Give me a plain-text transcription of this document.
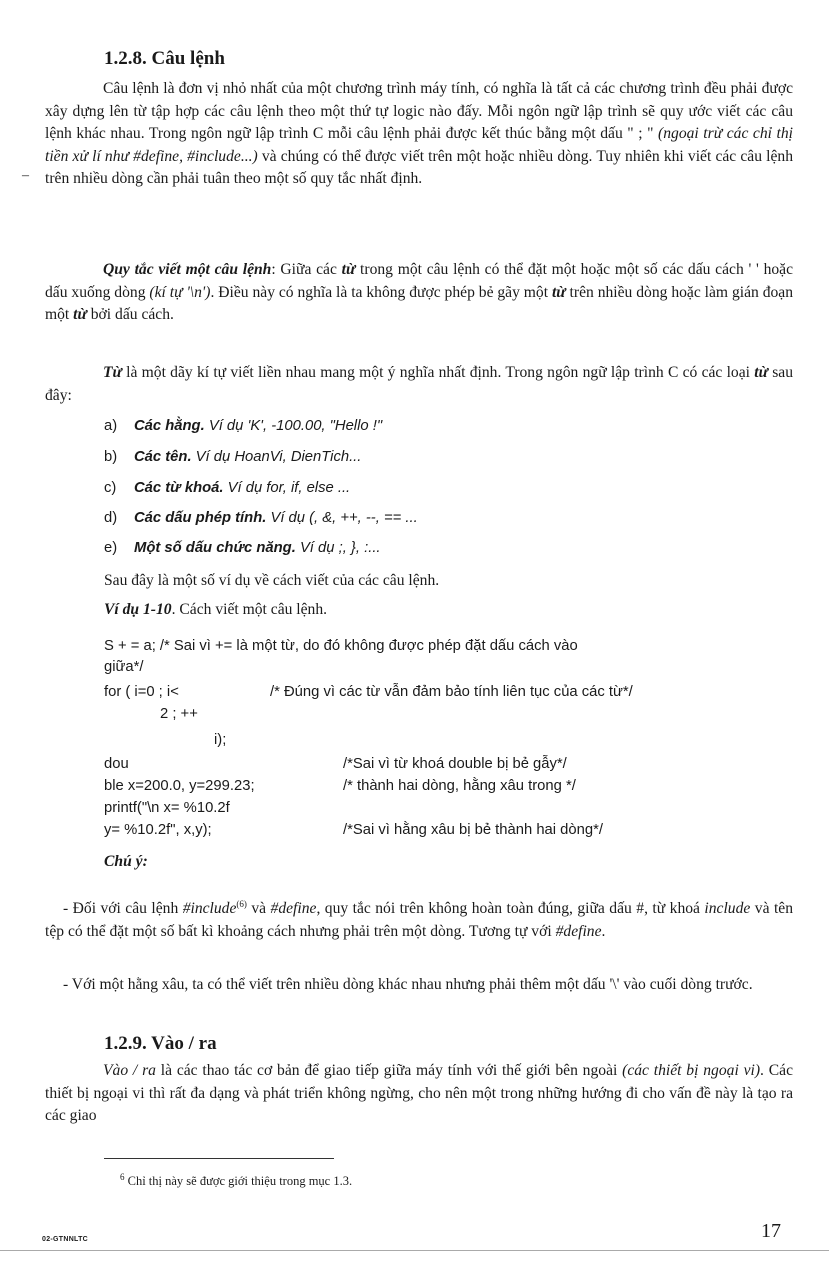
1.2.8. Câu lệnh
Câu lệnh là đơn vị nhỏ nhất của một chương trình máy tính, có nghĩa là tất cả các chương trình đều phải được xây dựng lên từ tập hợp các câu lệnh theo một thứ tự logic nào đấy. Mỗi ngôn ngữ lập trình sẽ quy ước viết các câu lệnh khác nhau. Trong ngôn ngữ lập trình C mỗi câu lệnh phải được kết thúc bằng một dấu " ; " (ngoại trừ các chỉ thị tiền xử lí như #define, #include...) và chúng có thể được viết trên một hoặc nhiều dòng. Tuy nhiên khi viết các câu lệnh trên nhiều dòng cần phải tuân theo một số quy tắc nhất định.
–
Quy tắc viết một câu lệnh: Giữa các từ trong một câu lệnh có thể đặt một hoặc một số các dấu cách ' ' hoặc dấu xuống dòng (kí tự '\n'). Điều này có nghĩa là ta không được phép bẻ gãy một từ trên nhiều dòng hoặc làm gián đoạn một từ bởi dấu cách.
Từ là một dãy kí tự viết liền nhau mang một ý nghĩa nhất định. Trong ngôn ngữ lập trình C có các loại từ sau đây:
a) Các hằng. Ví dụ 'K', -100.00, "Hello !"
b) Các tên. Ví dụ HoanVi, DienTich...
c) Các từ khoá. Ví dụ for, if, else ...
d) Các dấu phép tính. Ví dụ (, &, ++, --, == ...
e) Một số dấu chức năng. Ví dụ ;, }, :...
Sau đây là một số ví dụ về cách viết của các câu lệnh.
Ví dụ 1-10. Cách viết một câu lệnh.
S + = a; /* Sai vì += là một từ, do đó không được phép đặt dấu cách vào
giữa*/
for ( i=0 ; i<	/* Đúng vì các từ vẫn đảm bảo tính liên tục của các từ*/
2 ; ++
i);
dou	/*Sai vì từ khoá double bị bẻ gẫy*/
ble x=200.0, y=299.23;	/* thành hai dòng, hằng xâu trong */
printf("\n x= %10.2f
y= %10.2f", x,y);	/*Sai vì hằng xâu bị bẻ thành hai dòng*/
Chú ý:
- Đối với câu lệnh #include$^{(6)}$ và #define, quy tắc nói trên không hoàn toàn đúng, giữa dấu #, từ khoá include và tên tệp có thể đặt một số bất kì khoảng cách nhưng phải trên một dòng. Tương tự với #define.
- Với một hằng xâu, ta có thể viết trên nhiều dòng khác nhau nhưng phải thêm một dấu '\' vào cuối dòng trước.
1.2.9. Vào / ra
Vào / ra là các thao tác cơ bản để giao tiếp giữa máy tính với thế giới bên ngoài (các thiết bị ngoại vi). Các thiết bị ngoại vi thì rất đa dạng và phát triển không ngừng, cho nên một trong những hướng đi cho vấn đề này là tạo ra các giao
$^6$ Chỉ thị này sẽ được giới thiệu trong mục 1.3.
02-GTNNLTC	17
